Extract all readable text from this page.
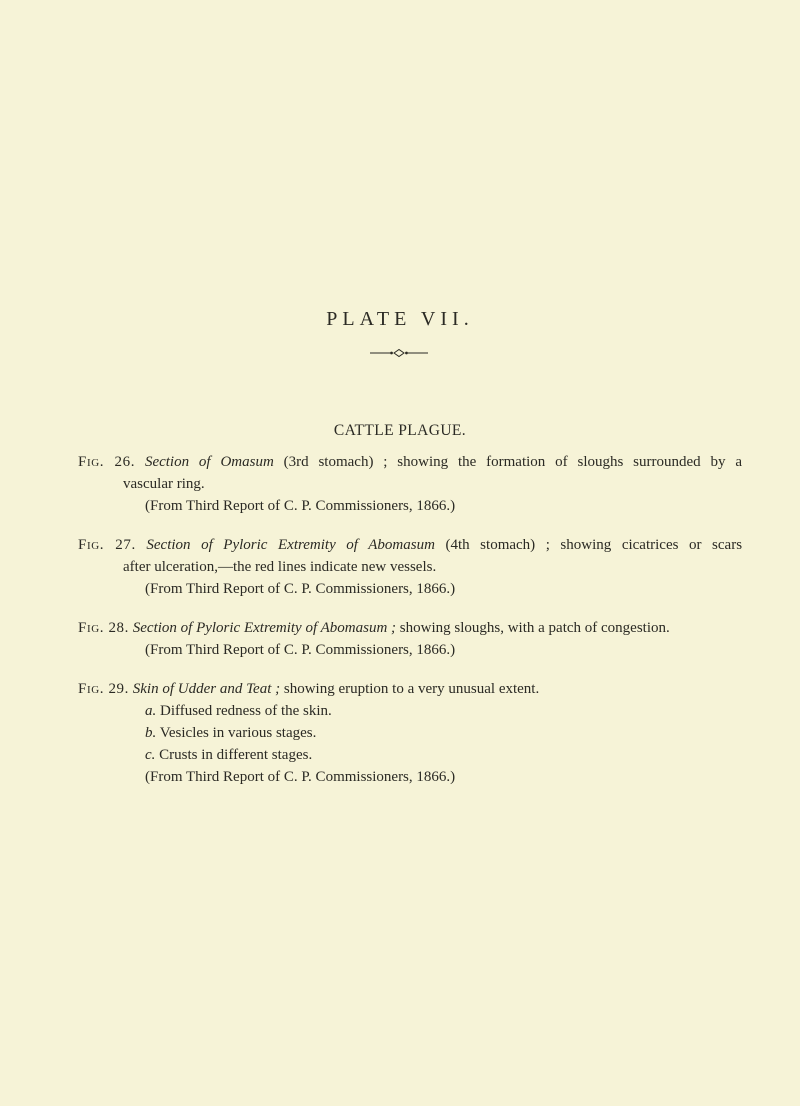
PLATE VII.
CATTLE PLAGUE.
Fig. 26. Section of Omasum (3rd stomach) ; showing the formation of sloughs surrounded by a
vascular ring.
(From Third Report of C. P. Commissioners, 1866.)
Fig. 27. Section of Pyloric Extremity of Abomasum (4th stomach) ; showing cicatrices or scars
after ulceration,—the red lines indicate new vessels.
(From Third Report of C. P. Commissioners, 1866.)
Fig. 28. Section of Pyloric Extremity of Abomasum ; showing sloughs, with a patch of congestion.
(From Third Report of C. P. Commissioners, 1866.)
Fig. 29. Skin of Udder and Teat ; showing eruption to a very unusual extent.
a. Diffused redness of the skin.
b. Vesicles in various stages.
c. Crusts in different stages.
(From Third Report of C. P. Commissioners, 1866.)
